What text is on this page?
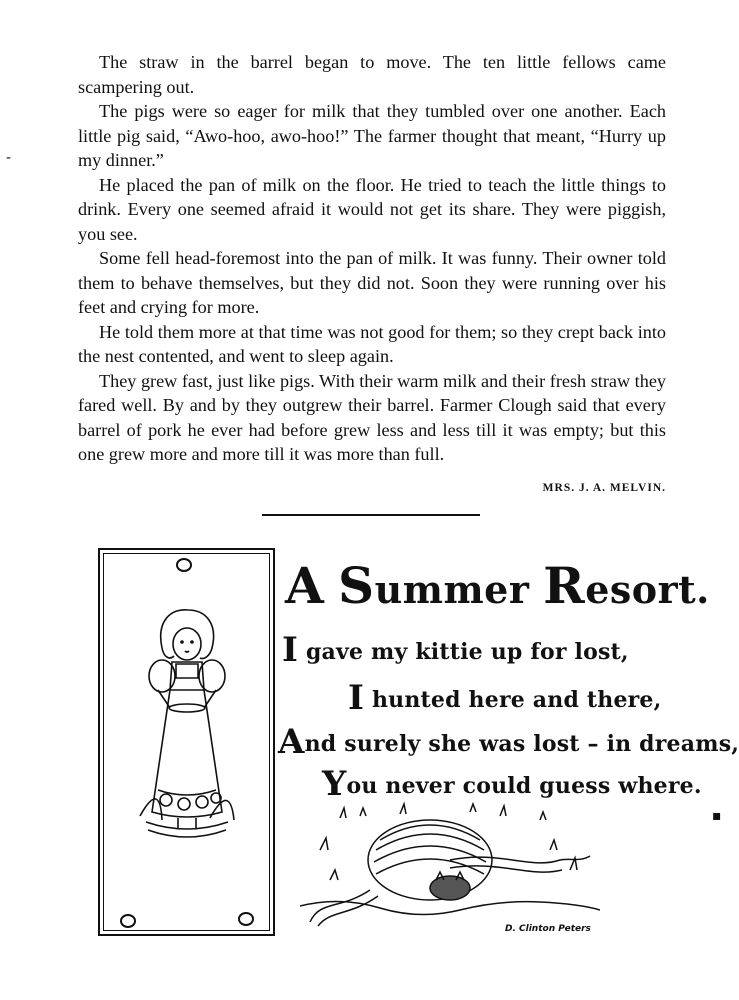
The straw in the barrel began to move. The ten little fellows came scampering out.

The pigs were so eager for milk that they tumbled over one another. Each little pig said, “Awo-hoo, awo-hoo!” The farmer thought that meant, “Hurry up my dinner.”

He placed the pan of milk on the floor. He tried to teach the little things to drink. Every one seemed afraid it would not get its share. They were piggish, you see.

Some fell head-foremost into the pan of milk. It was funny. Their owner told them to behave themselves, but they did not. Soon they were running over his feet and crying for more.

He told them more at that time was not good for them; so they crept back into the nest contented, and went to sleep again.

They grew fast, just like pigs. With their warm milk and their fresh straw they fared well. By and by they outgrew their barrel. Farmer Clough said that every barrel of pork he ever had before grew less and less till it was empty; but this one grew more and more till it was more than full.

MRS. J. A. MELVIN.
A Summer Resort.
I gave my kittie up for lost,
I hunted here and there,
And surely she was lost – in dreams,
You never could guess where.
D. Clinton Peters
-
▪
